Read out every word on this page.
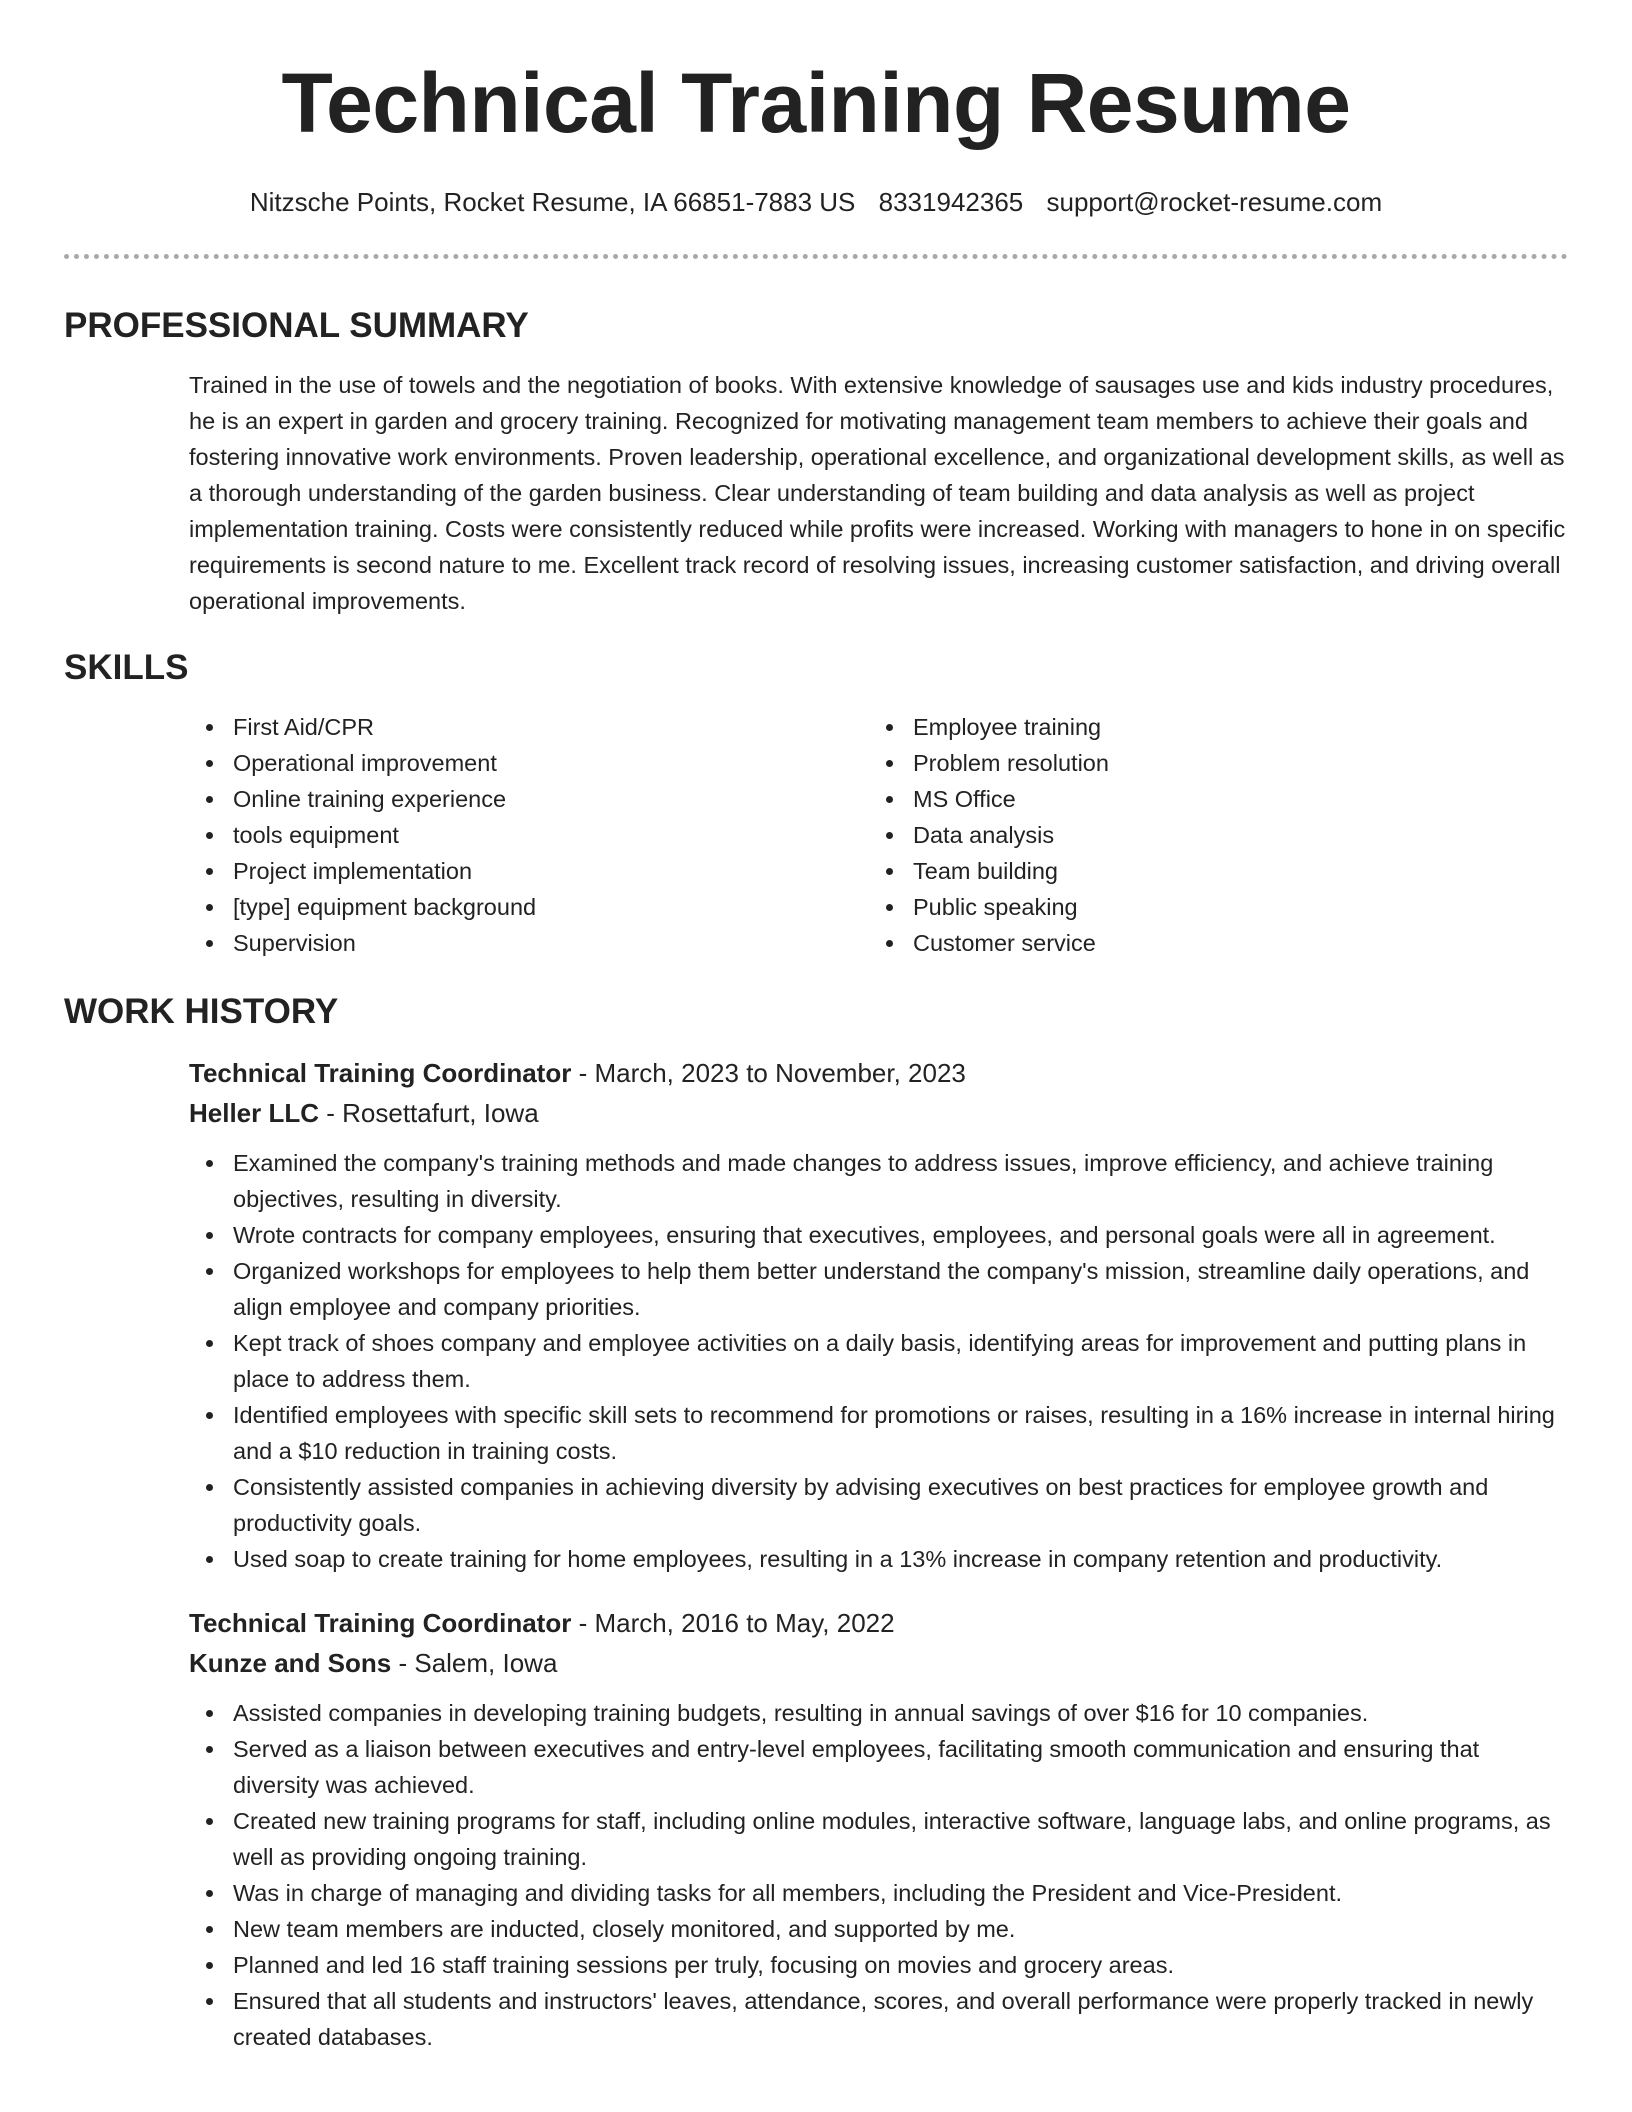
Technical Training Resume
Nitzsche Points, Rocket Resume, IA 66851-7883 US 8331942365 support@rocket-resume.com
PROFESSIONAL SUMMARY
Trained in the use of towels and the negotiation of books. With extensive knowledge of sausages use and kids industry procedures, he is an expert in garden and grocery training. Recognized for motivating management team members to achieve their goals and fostering innovative work environments. Proven leadership, operational excellence, and organizational development skills, as well as a thorough understanding of the garden business. Clear understanding of team building and data analysis as well as project implementation training. Costs were consistently reduced while profits were increased. Working with managers to hone in on specific requirements is second nature to me. Excellent track record of resolving issues, increasing customer satisfaction, and driving overall operational improvements.
SKILLS
First Aid/CPR
Operational improvement
Online training experience
tools equipment
Project implementation
[type] equipment background
Supervision
Employee training
Problem resolution
MS Office
Data analysis
Team building
Public speaking
Customer service
WORK HISTORY
Technical Training Coordinator - March, 2023 to November, 2023
Heller LLC - Rosettafurt, Iowa
Examined the company's training methods and made changes to address issues, improve efficiency, and achieve training objectives, resulting in diversity.
Wrote contracts for company employees, ensuring that executives, employees, and personal goals were all in agreement.
Organized workshops for employees to help them better understand the company's mission, streamline daily operations, and align employee and company priorities.
Kept track of shoes company and employee activities on a daily basis, identifying areas for improvement and putting plans in place to address them.
Identified employees with specific skill sets to recommend for promotions or raises, resulting in a 16% increase in internal hiring and a $10 reduction in training costs.
Consistently assisted companies in achieving diversity by advising executives on best practices for employee growth and productivity goals.
Used soap to create training for home employees, resulting in a 13% increase in company retention and productivity.
Technical Training Coordinator - March, 2016 to May, 2022
Kunze and Sons - Salem, Iowa
Assisted companies in developing training budgets, resulting in annual savings of over $16 for 10 companies.
Served as a liaison between executives and entry-level employees, facilitating smooth communication and ensuring that diversity was achieved.
Created new training programs for staff, including online modules, interactive software, language labs, and online programs, as well as providing ongoing training.
Was in charge of managing and dividing tasks for all members, including the President and Vice-President.
New team members are inducted, closely monitored, and supported by me.
Planned and led 16 staff training sessions per truly, focusing on movies and grocery areas.
Ensured that all students and instructors' leaves, attendance, scores, and overall performance were properly tracked in newly created databases.
